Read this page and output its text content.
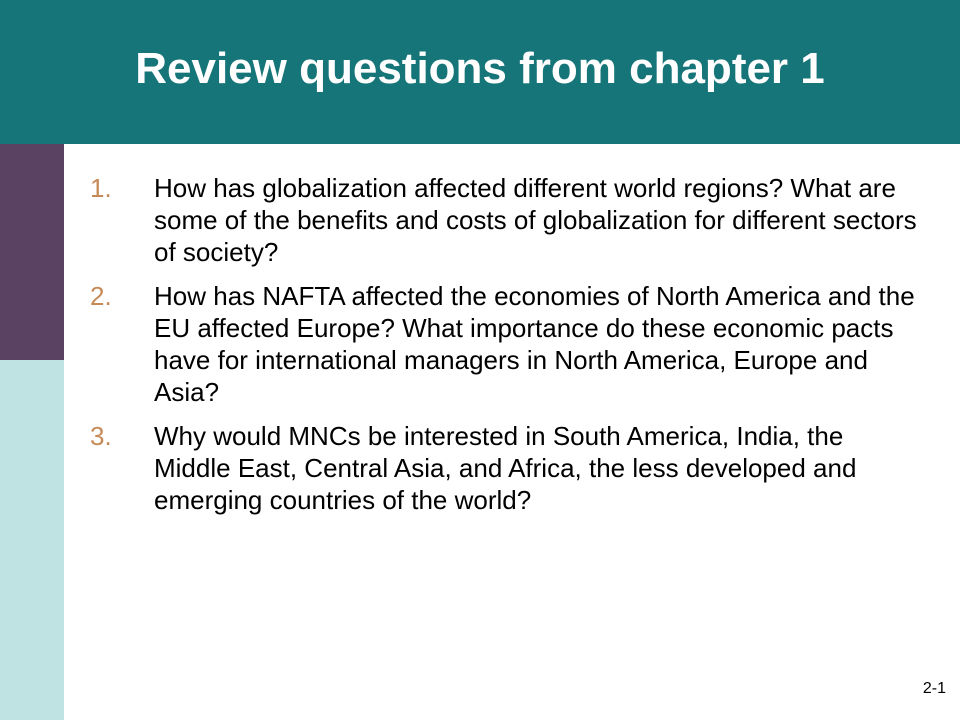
Review questions from chapter 1
1. How has globalization affected different world regions? What are some of the benefits and costs of globalization for different sectors of society?
2. How has NAFTA affected the economies of North America and the EU affected Europe? What importance do these economic pacts have for international managers in North America, Europe and Asia?
3. Why would MNCs be interested in South America, India, the Middle East, Central Asia, and Africa, the less developed and emerging countries of the world?
2-1
